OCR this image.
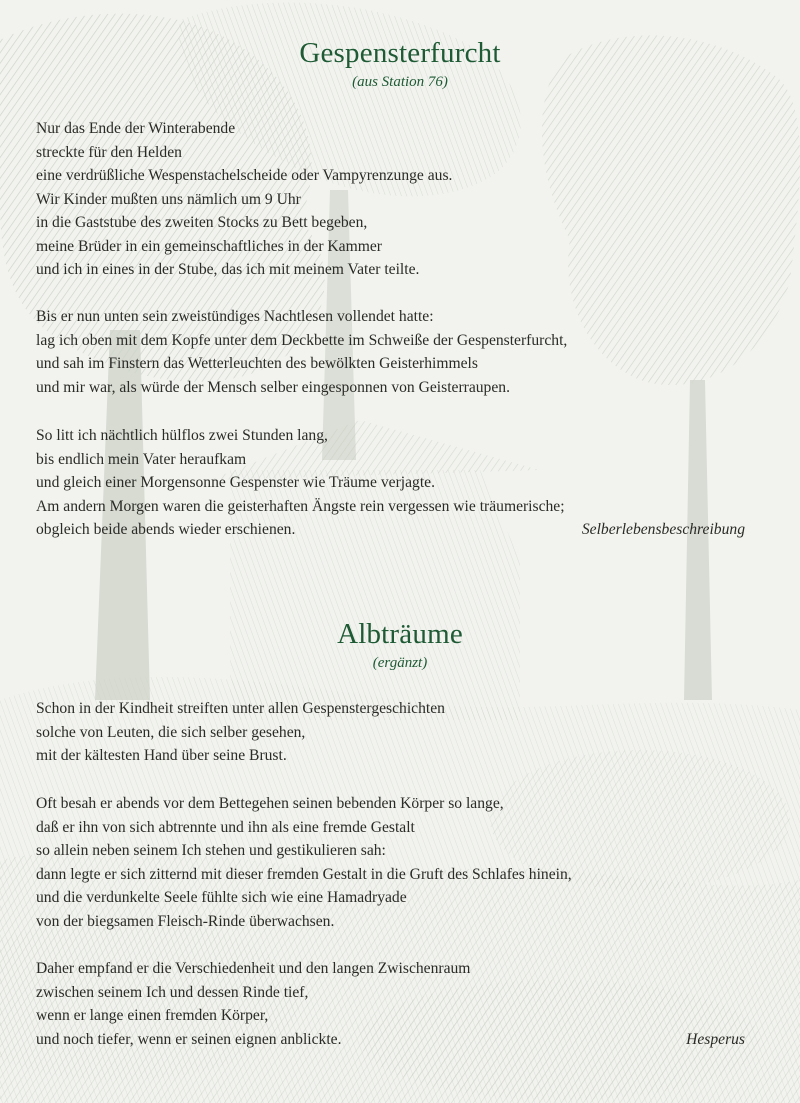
Gespensterfurcht
(aus Station 76)
Nur das Ende der Winterabende
streckte für den Helden
eine verdrüßliche Wespenstachelscheide oder Vampyrenzunge aus.
Wir Kinder mußten uns nämlich um 9 Uhr
in die Gaststube des zweiten Stocks zu Bett begeben,
meine Brüder in ein gemeinschaftliches in der Kammer
und ich in eines in der Stube, das ich mit meinem Vater teilte.
Bis er nun unten sein zweistündiges Nachtlesen vollendet hatte:
lag ich oben mit dem Kopfe unter dem Deckbette im Schweiße der Gespensterfurcht,
und sah im Finstern das Wetterleuchten des bewölkten Geisterhimmels
und mir war, als würde der Mensch selber eingesponnen von Geisterraupen.
So litt ich nächtlich hülflos zwei Stunden lang,
bis endlich mein Vater heraufkam
und gleich einer Morgensonne Gespenster wie Träume verjagte.
Am andern Morgen waren die geisterhaften Ängste rein vergessen wie träumerische;
obgleich beide abends wieder erschienen.	Selberlebensbeschreibung
Albträume
(ergänzt)
Schon in der Kindheit streiften unter allen Gespenstergeschichten
solche von Leuten, die sich selber gesehen,
mit der kältesten Hand über seine Brust.
Oft besah er abends vor dem Bettegehen seinen bebenden Körper so lange,
daß er ihn von sich abtrennte und ihn als eine fremde Gestalt
so allein neben seinem Ich stehen und gestikulieren sah:
dann legte er sich zitternd mit dieser fremden Gestalt in die Gruft des Schlafes hinein,
und die verdunkelte Seele fühlte sich wie eine Hamadryade
von der biegsamen Fleisch-Rinde überwachsen.
Daher empfand er die Verschiedenheit und den langen Zwischenraum
zwischen seinem Ich und dessen Rinde tief,
wenn er lange einen fremden Körper,
und noch tiefer, wenn er seinen eignen anblickte.	Hesperus
